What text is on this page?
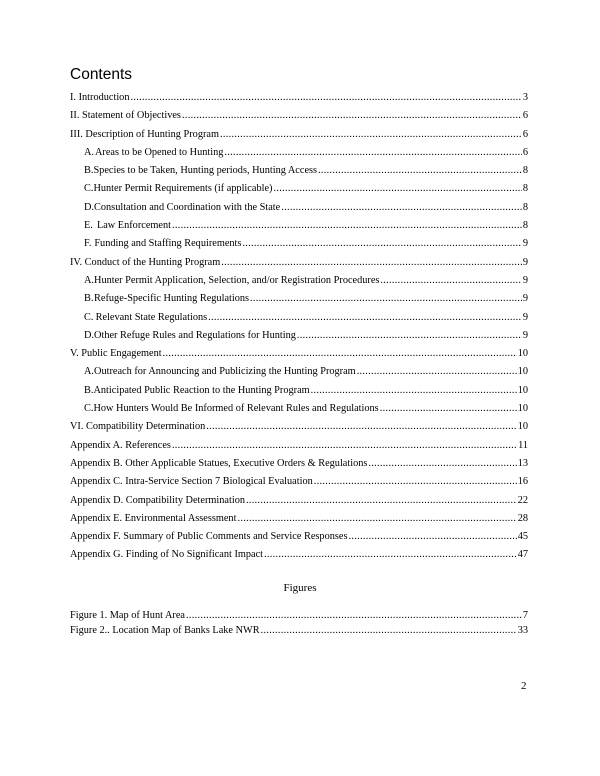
Contents
I. Introduction .....	3
II. Statement of Objectives .....	6
III. Description of Hunting Program .....	6
A. Areas to be Opened to Hunting .....	6
B. Species to be Taken, Hunting periods, Hunting Access .....	8
C. Hunter Permit Requirements (if applicable) .....	8
D. Consultation and Coordination with the State .....	8
E. Law Enforcement .....	8
F. Funding and Staffing Requirements .....	9
IV. Conduct of the Hunting Program .....	9
A. Hunter Permit Application, Selection, and/or Registration Procedures .....	9
B. Refuge-Specific Hunting Regulations .....	9
C. Relevant State Regulations .....	9
D. Other Refuge Rules and Regulations for Hunting .....	9
V. Public Engagement .....	10
A. Outreach for Announcing and Publicizing the Hunting Program .....	10
B. Anticipated Public Reaction to the Hunting Program .....	10
C. How Hunters Would Be Informed of Relevant Rules and Regulations .....	10
VI. Compatibility Determination .....	10
Appendix A. References .....	11
Appendix B. Other Applicable Statues, Executive Orders & Regulations .....	13
Appendix C. Intra-Service Section 7 Biological Evaluation .....	16
Appendix D. Compatibility Determination .....	22
Appendix E. Environmental Assessment .....	28
Appendix F. Summary of Public Comments and Service Responses .....	45
Appendix G. Finding of No Significant Impact .....	47
Figures
Figure 1. Map of Hunt Area .....	7
Figure 2.. Location Map of Banks Lake NWR .....	33
2
